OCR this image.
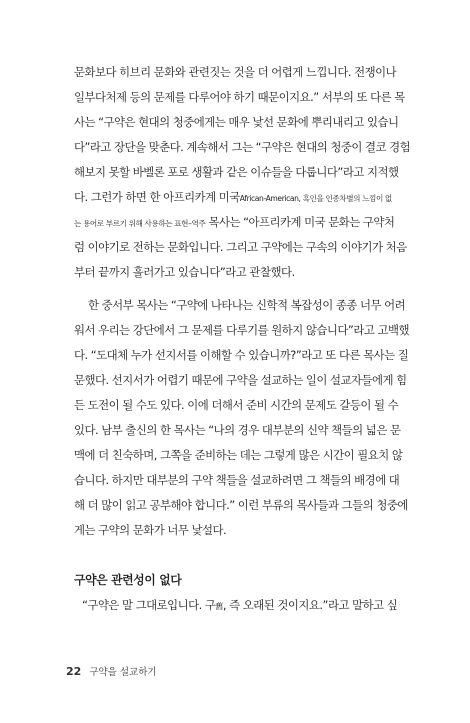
문화보다 히브리 문화와 관련짓는 것을 더 어렵게 느낍니다. 전쟁이나
일부다처제 등의 문제를 다루어야 하기 때문이지요.” 서부의 또 다른 목
사는 “구약은 현대의 청중에게는 매우 낯선 문화에 뿌리내리고 있습니
다”라고 장단을 맞춘다. 계속해서 그는 “구약은 현대의 청중이 결코 경험
해보지 못할 바벨론 포로 생활과 같은 이슈들을 다룹니다”라고 지적했
다. 그런가 하면 한 아프리카계 미국African-American, 흑인을 인종차별의 느낌이 없
는 용어로 부르기 위해 사용하는 표현–역주 목사는 “아프리카계 미국 문화는 구약처
럼 이야기로 전하는 문화입니다. 그리고 구약에는 구속의 이야기가 처음
부터 끝까지 흘러가고 있습니다”라고 관찰했다.
한 중서부 목사는 “구약에 나타나는 신학적 복잡성이 종종 너무 어려
워서 우리는 강단에서 그 문제를 다루기를 원하지 않습니다”라고 고백했
다. “도대체 누가 선지서를 이해할 수 있습니까?”라고 또 다른 목사는 질
문했다. 선지서가 어렵기 때문에 구약을 설교하는 일이 설교자들에게 힘
든 도전이 될 수도 있다. 이에 더해서 준비 시간의 문제도 갈등이 될 수
있다. 남부 출신의 한 목사는 “나의 경우 대부분의 신약 책들의 넓은 문
맥에 더 친숙하며, 그쪽을 준비하는 데는 그렇게 많은 시간이 필요치 않
습니다. 하지만 대부분의 구약 책들을 설교하려면 그 책들의 배경에 대
해 더 많이 읽고 공부해야 합니다.” 이런 부류의 목사들과 그들의 청중에
게는 구약의 문화가 너무 낯설다.
구약은 관련성이 없다
“구약은 말 그대로입니다. 구舊, 즉 오래된 것이지요.”라고 말하고 싶
22 구약을 설교하기
